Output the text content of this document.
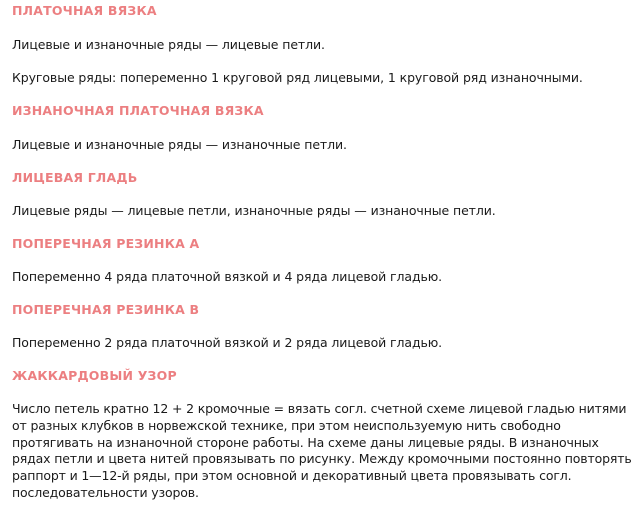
ПЛАТОЧНАЯ ВЯЗКА
Лицевые и изнаночные ряды — лицевые петли.
Круговые ряды: попеременно 1 круговой ряд лицевыми, 1 круговой ряд изнаночными.
ИЗНАНОЧНАЯ ПЛАТОЧНАЯ ВЯЗКА
Лицевые и изнаночные ряды — изнаночные петли.
ЛИЦЕВАЯ ГЛАДЬ
Лицевые ряды — лицевые петли, изнаночные ряды — изнаночные петли.
ПОПЕРЕЧНАЯ РЕЗИНКА А
Попеременно 4 ряда платочной вязкой и 4 ряда лицевой гладью.
ПОПЕРЕЧНАЯ РЕЗИНКА В
Попеременно 2 ряда платочной вязкой и 2 ряда лицевой гладью.
ЖАККАРДОВЫЙ УЗОР
Число петель кратно 12 + 2 кромочные = вязать согл. счетной схеме лицевой гладью нитями от разных клубков в норвежской технике, при этом неиспользуемую нить свободно протягивать на изнаночной стороне работы. На схеме даны лицевые ряды. В изнаночных рядах петли и цвета нитей провязывать по рисунку. Между кромочными постоянно повторять раппорт и 1—12-й ряды, при этом основной и декоративный цвета провязывать согл. последовательности узоров.
